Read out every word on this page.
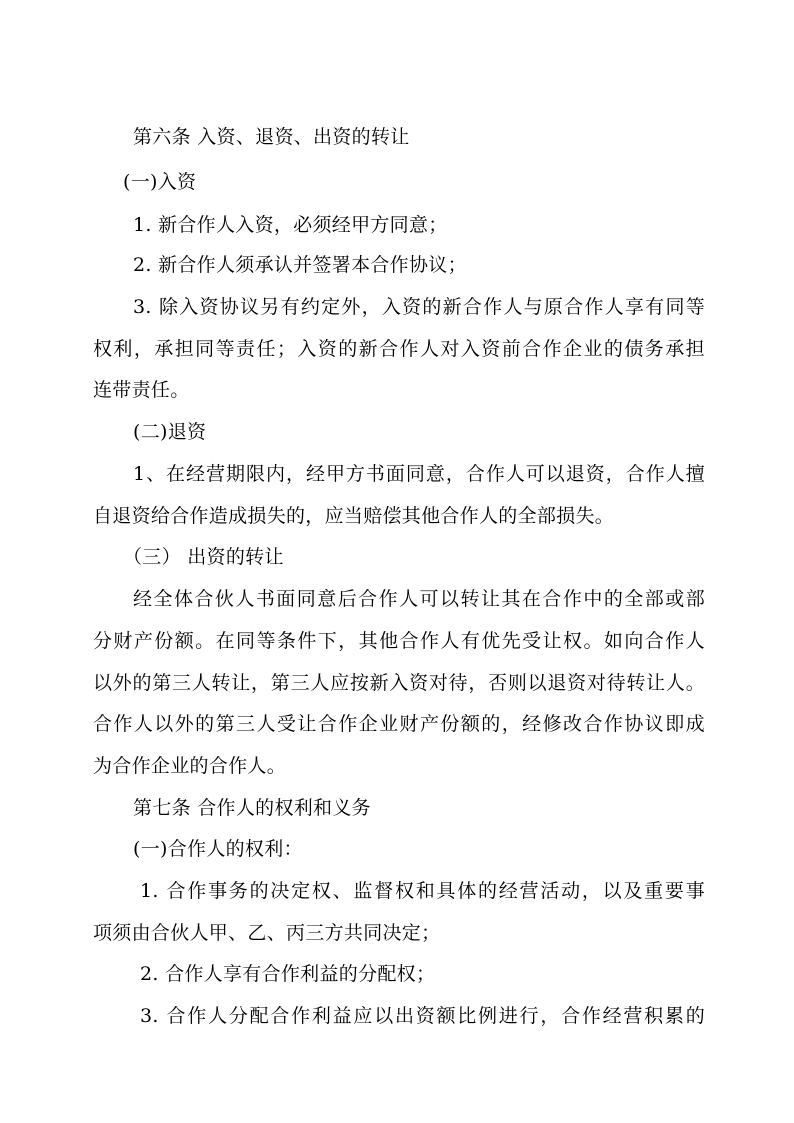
第六条 入资、退资、出资的转让
(一)入资
1. 新合作人入资，必须经甲方同意；
2. 新合作人须承认并签署本合作协议；
3. 除入资协议另有约定外，入资的新合作人与原合作人享有同等
权利，承担同等责任；入资的新合作人对入资前合作企业的债务承担
连带责任。
(二)退资
1、在经营期限内，经甲方书面同意，合作人可以退资，合作人擅
自退资给合作造成损失的，应当赔偿其他合作人的全部损失。
（三） 出资的转让
经全体合伙人书面同意后合作人可以转让其在合作中的全部或部
分财产份额。在同等条件下，其他合作人有优先受让权。如向合作人
以外的第三人转让，第三人应按新入资对待，否则以退资对待转让人。
合作人以外的第三人受让合作企业财产份额的，经修改合作协议即成
为合作企业的合作人。
第七条 合作人的权利和义务
(一)合作人的权利：
1. 合作事务的决定权、监督权和具体的经营活动，以及重要事
项须由合伙人甲、乙、丙三方共同决定；
2. 合作人享有合作利益的分配权；
3. 合作人分配合作利益应以出资额比例进行，合作经营积累的
